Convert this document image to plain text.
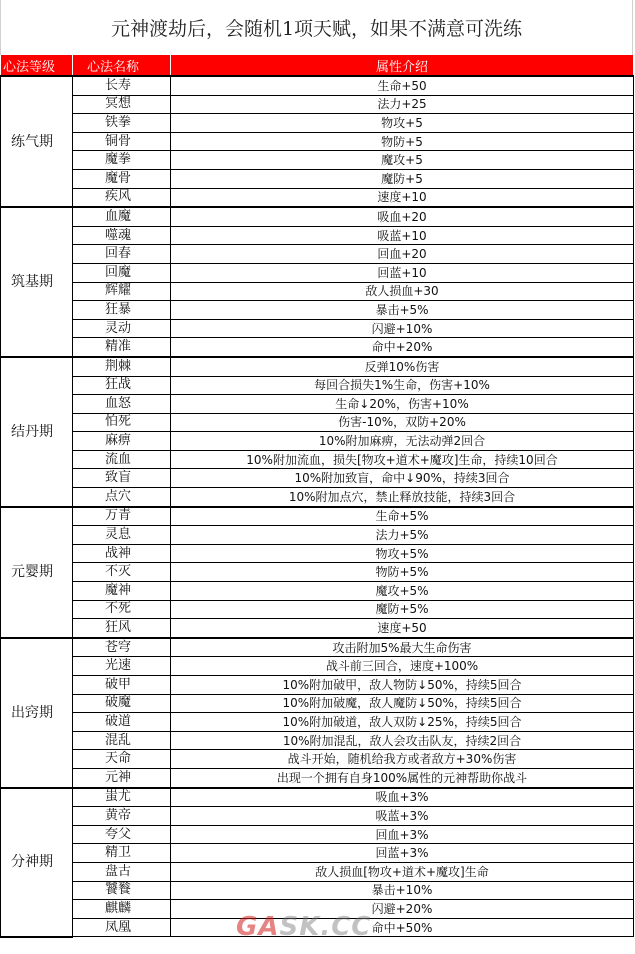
元神渡劫后，会随机1项天赋，如果不满意可洗练
心法等级	心法名称	属性介绍
练气期	长寿	生命+50
	冥想	法力+25
	铁拳	物攻+5
	铜骨	物防+5
	魔拳	魔攻+5
	魔骨	魔防+5
	疾风	速度+10
筑基期	血魔	吸血+20
	噬魂	吸蓝+10
	回春	回血+20
	回魔	回蓝+10
	辉耀	敌人损血+30
	狂暴	暴击+5%
	灵动	闪避+10%
	精准	命中+20%
结丹期	荆棘	反弹10%伤害
	狂战	每回合损失1%生命，伤害+10%
	血怒	生命↓20%，伤害+10%
	怕死	伤害-10%，双防+20%
	麻痹	10%附加麻痹，无法动弹2回合
	流血	10%附加流血，损失[物攻+道术+魔攻]生命，持续10回合
	致盲	10%附加致盲，命中↓90%，持续3回合
	点穴	10%附加点穴，禁止释放技能，持续3回合
元婴期	万青	生命+5%
	灵息	法力+5%
	战神	物攻+5%
	不灭	物防+5%
	魔神	魔攻+5%
	不死	魔防+5%
	狂风	速度+50
出窍期	苍穹	攻击附加5%最大生命伤害
	光速	战斗前三回合，速度+100%
	破甲	10%附加破甲，敌人物防↓50%，持续5回合
	破魔	10%附加破魔，敌人魔防↓50%，持续5回合
	破道	10%附加破道，敌人双防↓25%，持续5回合
	混乱	10%附加混乱，敌人会攻击队友，持续2回合
	天命	战斗开始，随机给我方或者敌方+30%伤害
	元神	出现一个拥有自身100%属性的元神帮助你战斗
分神期	蚩尤	吸血+3%
	黄帝	吸蓝+3%
	夸父	回血+3%
	精卫	回蓝+3%
	盘古	敌人损血[物攻+道术+魔攻]生命
	饕餮	暴击+10%
	麒麟	闪避+20%
	凤凰	命中+50%
GASK.CC
